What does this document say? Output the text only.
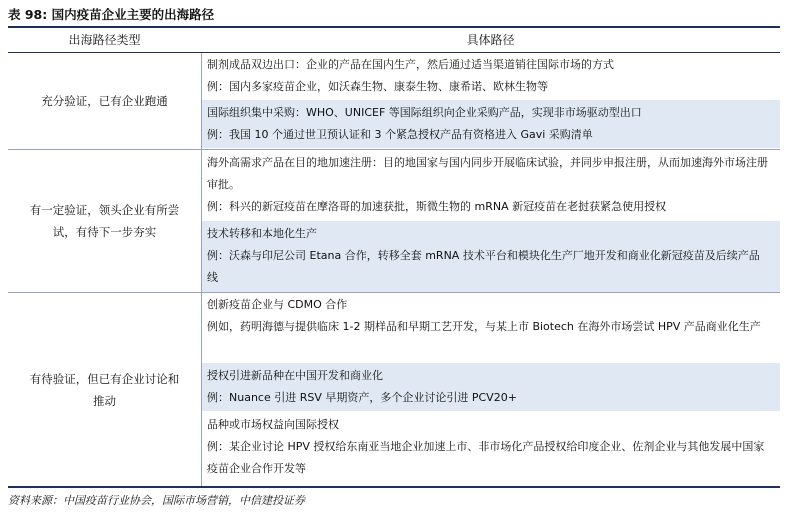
表 98: 国内疫苗企业主要的出海路径
出海路径类型	具体路径
充分验证，已有企业跑通

制剂成品双边出口：企业的产品在国内生产，然后通过适当渠道销往国际市场的方式

例：国内多家疫苗企业，如沃森生物、康泰生物、康希诺、欧林生物等

国际组织集中采购：WHO、UNICEF 等国际组织向企业采购产品，实现非市场驱动型出口

例：我国 10 个通过世卫预认证和 3 个紧急授权产品有资格进入 Gavi 采购清单

有一定验证，领头企业有所尝试，有待下一步夯实

海外高需求产品在目的地加速注册：目的地国家与国内同步开展临床试验，并同步申报注册，从而加速海外市场注册审批。

例：科兴的新冠疫苗在摩洛哥的加速获批，斯微生物的 mRNA 新冠疫苗在老挝获紧急使用授权

技术转移和本地化生产

例：沃森与印尼公司 Etana 合作，转移全套 mRNA 技术平台和模块化生产厂地开发和商业化新冠疫苗及后续产品线

有待验证，但已有企业讨论和推动

创新疫苗企业与 CDMO 合作

例如，药明海德与提供临床 1-2 期样品和早期工艺开发，与某上市 Biotech 在海外市场尝试 HPV 产品商业化生产

授权引进新品种在中国开发和商业化

例：Nuance 引进 RSV 早期资产，多个企业讨论引进 PCV20+

品种或市场权益向国际授权

例：某企业讨论 HPV 授权给东南亚当地企业加速上市、非市场化产品授权给印度企业、佐剂企业与其他发展中国家疫苗企业合作开发等

资料来源：中国疫苗行业协会，国际市场营销，中信建投证券
